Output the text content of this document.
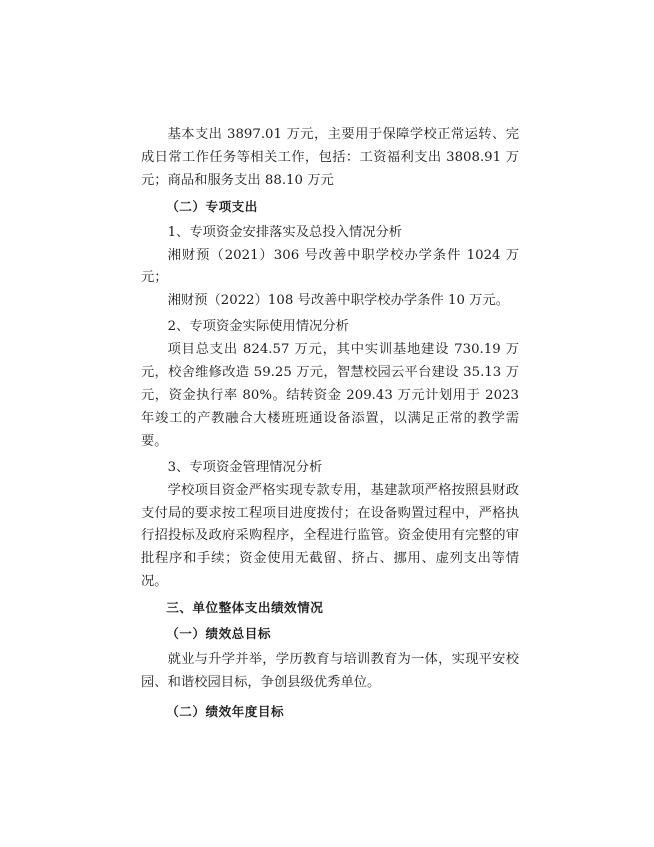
基本支出 3897.01 万元，主要用于保障学校正常运转、完成日常工作任务等相关工作，包括：工资福利支出 3808.91 万元；商品和服务支出 88.10 万元

（二）专项支出

1、专项资金安排落实及总投入情况分析

湘财预（2021）306 号改善中职学校办学条件 1024 万元；

湘财预（2022）108 号改善中职学校办学条件 10 万元。

2、专项资金实际使用情况分析

项目总支出 824.57 万元，其中实训基地建设 730.19 万元，校舍维修改造 59.25 万元，智慧校园云平台建设 35.13 万元，资金执行率 80%。结转资金 209.43 万元计划用于 2023 年竣工的产教融合大楼班班通设备添置，以满足正常的教学需要。

3、专项资金管理情况分析

学校项目资金严格实现专款专用，基建款项严格按照县财政支付局的要求按工程项目进度拨付；在设备购置过程中，严格执行招投标及政府采购程序，全程进行监管。资金使用有完整的审批程序和手续；资金使用无截留、挤占、挪用、虚列支出等情况。

三、单位整体支出绩效情况

（一）绩效总目标

就业与升学并举，学历教育与培训教育为一体，实现平安校园、和谐校园目标，争创县级优秀单位。

（二）绩效年度目标
